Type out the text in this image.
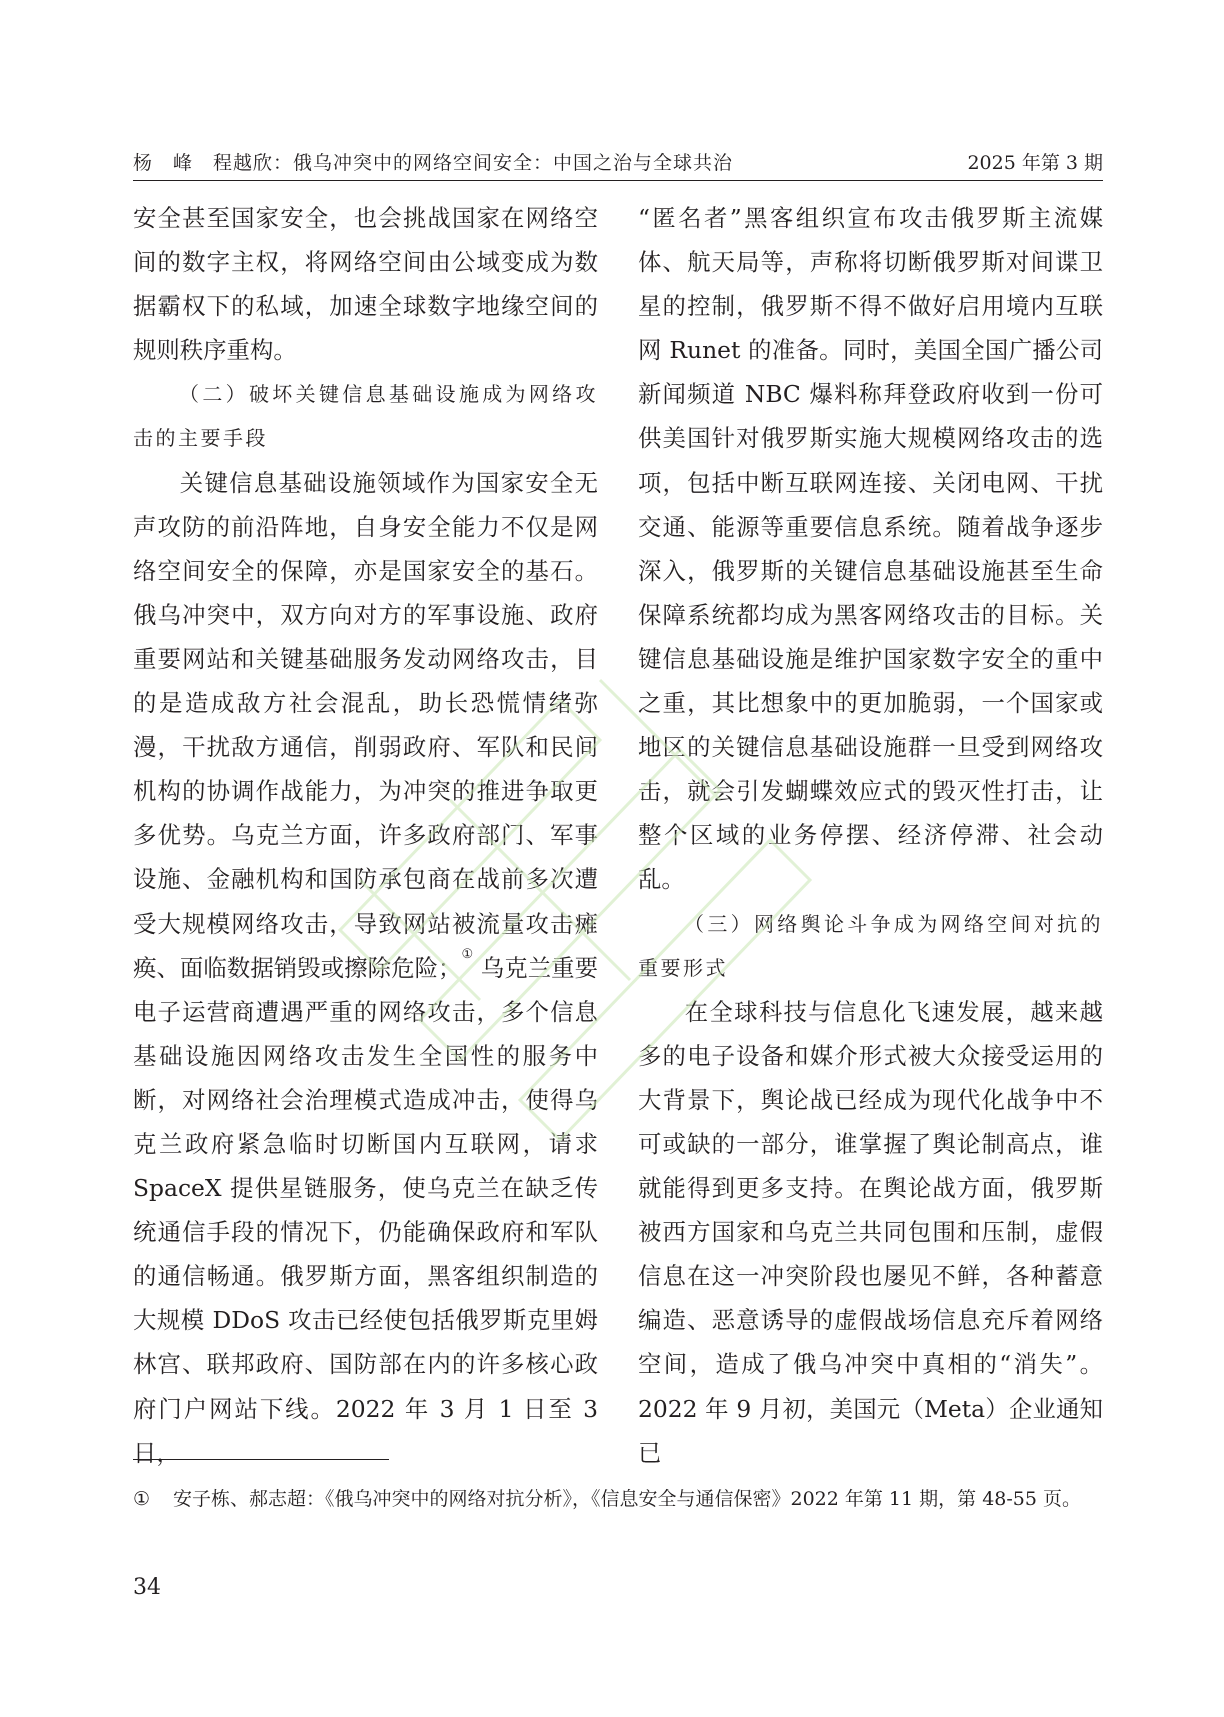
杨　峰　程越欣：俄乌冲突中的网络空间安全：中国之治与全球共治	2025 年第 3 期

安全甚至国家安全，也会挑战国家在网络空间的数字主权，将网络空间由公域变成为数据霸权下的私域，加速全球数字地缘空间的规则秩序重构。

（二）破坏关键信息基础设施成为网络攻击的主要手段

关键信息基础设施领域作为国家安全无声攻防的前沿阵地，自身安全能力不仅是网络空间安全的保障，亦是国家安全的基石。俄乌冲突中，双方向对方的军事设施、政府重要网站和关键基础服务发动网络攻击，目的是造成敌方社会混乱，助长恐慌情绪弥漫，干扰敌方通信，削弱政府、军队和民间机构的协调作战能力，为冲突的推进争取更多优势。乌克兰方面，许多政府部门、军事设施、金融机构和国防承包商在战前多次遭受大规模网络攻击，导致网站被流量攻击瘫痪、面临数据销毁或擦除危险；① 乌克兰重要电子运营商遭遇严重的网络攻击，多个信息基础设施因网络攻击发生全国性的服务中断，对网络社会治理模式造成冲击，使得乌克兰政府紧急临时切断国内互联网，请求 SpaceX 提供星链服务，使乌克兰在缺乏传统通信手段的情况下，仍能确保政府和军队的通信畅通。俄罗斯方面，黑客组织制造的大规模 DDoS 攻击已经使包括俄罗斯克里姆林宫、联邦政府、国防部在内的许多核心政府门户网站下线。2022 年 3 月 1 日至 3 日，

“匿名者”黑客组织宣布攻击俄罗斯主流媒体、航天局等，声称将切断俄罗斯对间谍卫星的控制，俄罗斯不得不做好启用境内互联网 Runet 的准备。同时，美国全国广播公司新闻频道 NBC 爆料称拜登政府收到一份可供美国针对俄罗斯实施大规模网络攻击的选项，包括中断互联网连接、关闭电网、干扰交通、能源等重要信息系统。随着战争逐步深入，俄罗斯的关键信息基础设施甚至生命保障系统都均成为黑客网络攻击的目标。关键信息基础设施是维护国家数字安全的重中之重，其比想象中的更加脆弱，一个国家或地区的关键信息基础设施群一旦受到网络攻击，就会引发蝴蝶效应式的毁灭性打击，让整个区域的业务停摆、经济停滞、社会动乱。

（三）网络舆论斗争成为网络空间对抗的重要形式

在全球科技与信息化飞速发展，越来越多的电子设备和媒介形式被大众接受运用的大背景下，舆论战已经成为现代化战争中不可或缺的一部分，谁掌握了舆论制高点，谁就能得到更多支持。在舆论战方面，俄罗斯被西方国家和乌克兰共同包围和压制，虚假信息在这一冲突阶段也屡见不鲜，各种蓄意编造、恶意诱导的虚假战场信息充斥着网络空间，造成了俄乌冲突中真相的“消失”。2022 年 9 月初，美国元（Meta）企业通知已

① 安子栋、郝志超：《俄乌冲突中的网络对抗分析》，《信息安全与通信保密》2022 年第 11 期，第 48-55 页。
34
